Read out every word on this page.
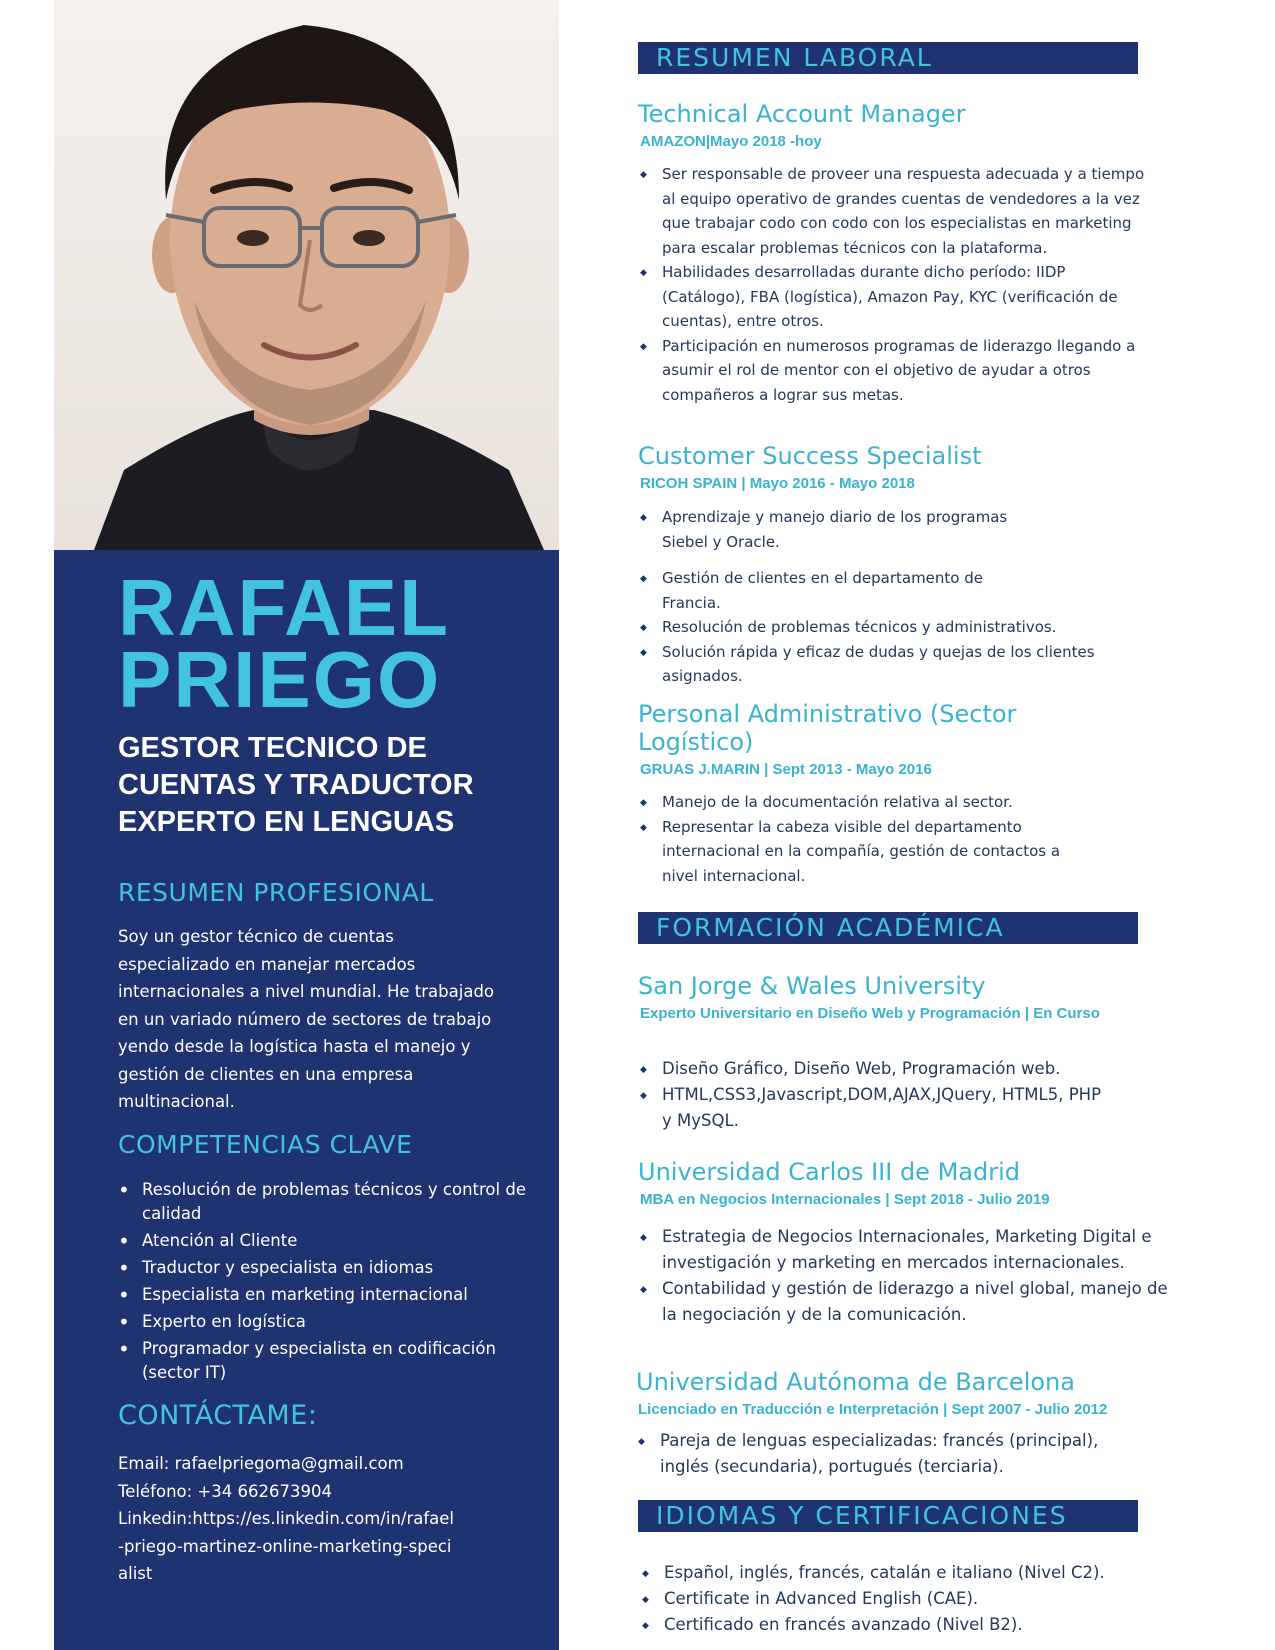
RAFAEL
PRIEGO
GESTOR TECNICO DE
CUENTAS Y TRADUCTOR
EXPERTO EN LENGUAS
RESUMEN PROFESIONAL

Soy un gestor técnico de cuentas especializado en manejar mercados internacionales a nivel mundial. He trabajado en un variado número de sectores de trabajo yendo desde la logística hasta el manejo y gestión de clientes en una empresa multinacional.

COMPETENCIAS CLAVE
• Resolución de problemas técnicos y control de calidad
• Atención al Cliente
• Traductor y especialista en idiomas
• Especialista en marketing internacional
• Experto en logística
• Programador y especialista en codificación (sector IT)
CONTÁCTAME:
Email: rafaelpriegoma@gmail.com
Teléfono: +34 662673904
Linkedin:https://es.linkedin.com/in/rafael-priego-martinez-online-marketing-specialist
RESUMEN LABORAL
Technical Account Manager
AMAZON|Mayo 2018 -hoy
◆ Ser responsable de proveer una respuesta adecuada y a tiempo al equipo operativo de grandes cuentas de vendedores a la vez que trabajar codo con codo con los especialistas en marketing para escalar problemas técnicos con la plataforma.
◆ Habilidades desarrolladas durante dicho período: IIDP (Catálogo), FBA (logística), Amazon Pay, KYC (verificación de cuentas), entre otros.
◆ Participación en numerosos programas de liderazgo llegando a asumir el rol de mentor con el objetivo de ayudar a otros compañeros a lograr sus metas.
Customer Success Specialist
RICOH SPAIN | Mayo 2016 - Mayo 2018
◆ Aprendizaje y manejo diario de los programas Siebel y Oracle.
◆ Gestión de clientes en el departamento de Francia.
◆ Resolución de problemas técnicos y administrativos.
◆ Solución rápida y eficaz de dudas y quejas de los clientes asignados.
Personal Administrativo (Sector Logístico)
GRUAS J.MARIN | Sept 2013 - Mayo 2016
◆ Manejo de la documentación relativa al sector.
◆ Representar la cabeza visible del departamento internacional en la compañía, gestión de contactos a nivel internacional.
FORMACIÓN ACADÉMICA
San Jorge & Wales University
Experto Universitario en Diseño Web y Programación | En Curso
◆ Diseño Gráfico, Diseño Web, Programación web.
◆ HTML,CSS3,Javascript,DOM,AJAX,JQuery, HTML5, PHP y MySQL.
Universidad Carlos III de Madrid
MBA en Negocios Internacionales | Sept 2018 - Julio 2019
◆ Estrategia de Negocios Internacionales, Marketing Digital e investigación y marketing en mercados internacionales.
◆ Contabilidad y gestión de liderazgo a nivel global, manejo de la negociación y de la comunicación.
Universidad Autónoma de Barcelona
Licenciado en Traducción e Interpretación | Sept 2007 - Julio 2012
◆ Pareja de lenguas especializadas: francés (principal), inglés (secundaria), portugués (terciaria).
IDIOMAS Y CERTIFICACIONES
◆ Español, inglés, francés, catalán e italiano (Nivel C2).
◆ Certificate in Advanced English (CAE).
◆ Certificado en francés avanzado (Nivel B2).
